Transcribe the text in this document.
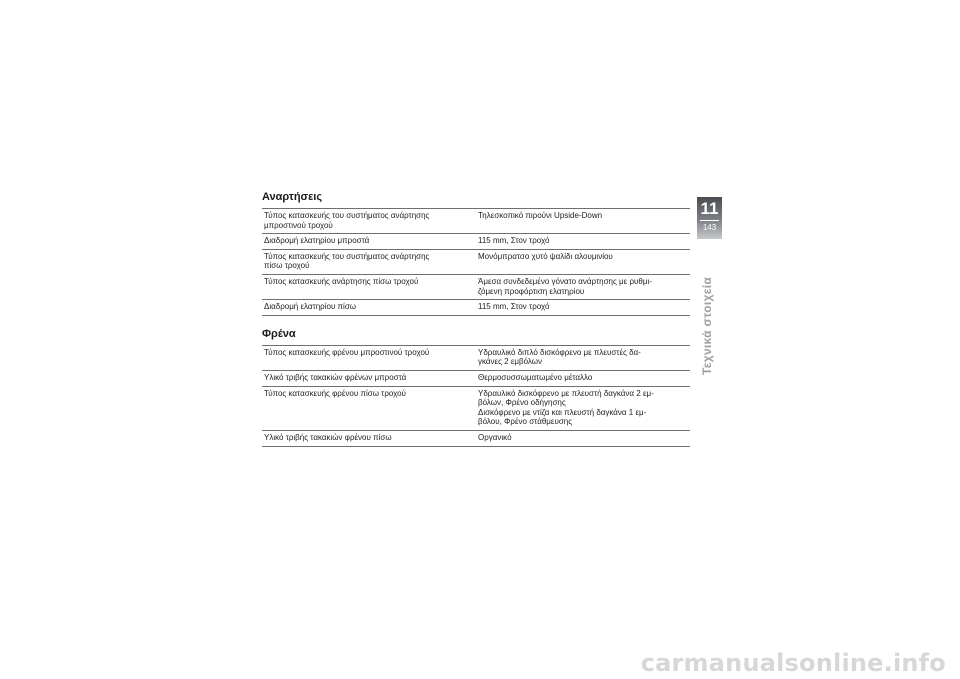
Αναρτήσεις
Τύπος κατασκευής του συστήματος ανάρτησης
μπροστινού τροχού	Τηλεσκοπικό πιρούνι Upside-Down
Διαδρομή ελατηρίου μπροστά	115 mm, Στον τροχό
Τύπος κατασκευής του συστήματος ανάρτησης
πίσω τροχού	Μονόμπρατσο χυτό ψαλίδι αλουμινίου
Τύπος κατασκευής ανάρτησης πίσω τροχού	Άμεσα συνδεδεμένο γόνατο ανάρτησης με ρυθμι-
ζόμενη προφόρτιση ελατηρίου
Διαδρομή ελατηρίου πίσω	115 mm, Στον τροχό
Φρένα
Τύπος κατασκευής φρένου μπροστινού τροχού	Υδραυλικό διπλό δισκόφρενο με πλευστές δα-
γκάνες 2 εμβόλων
Υλικό τριβής τακακιών φρένων μπροστά	Θερμοσυσσωματωμένο μέταλλο
Τύπος κατασκευής φρένου πίσω τροχού	Υδραυλικό δισκόφρενο με πλευστή δαγκάνα 2 εμ-
βόλων, Φρένο οδήγησης
Δισκόφρενο με ντίζα και πλευστή δαγκάνα 1 εμ-
βόλου, Φρένο στάθμευσης
Υλικό τριβής τακακιών φρένου πίσω	Οργανικό
11
143
Τεχνικά στοιχεία
carmanualsonline.info
